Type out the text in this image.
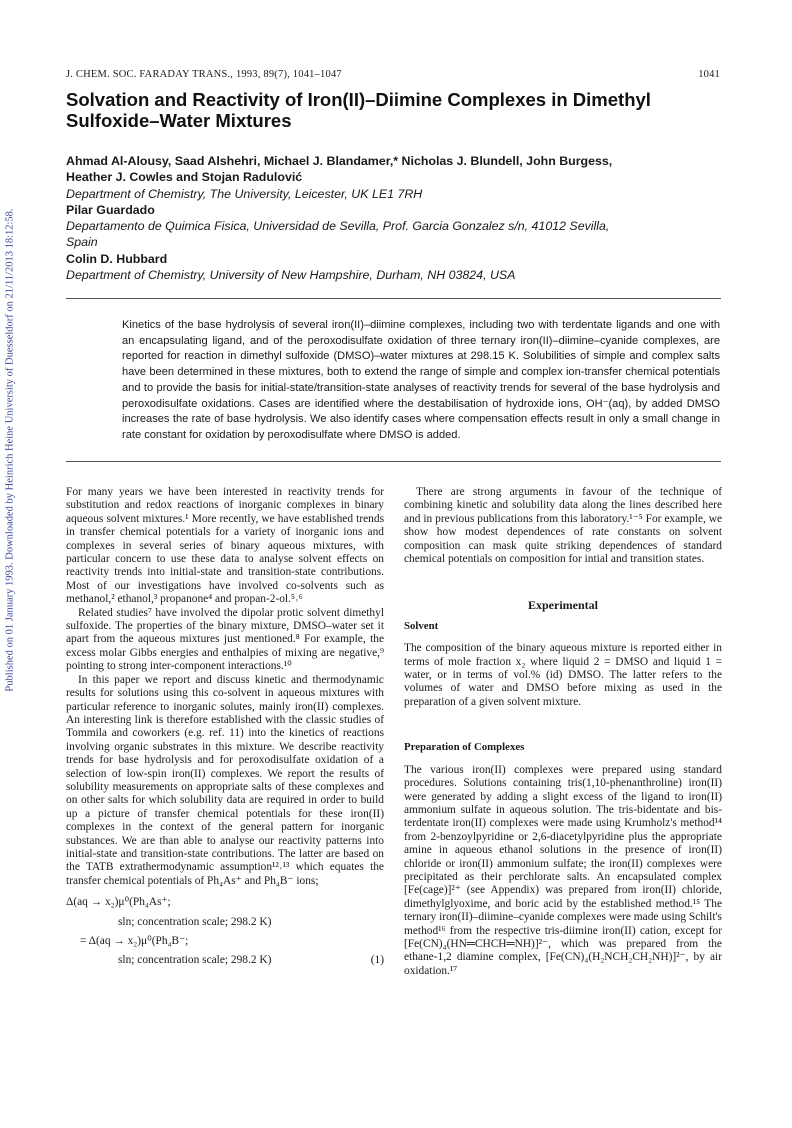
Published on 01 January 1993. Downloaded by Heinrich Heine University of Duesseldorf on 21/11/2013 18:12:58.
J. CHEM. SOC. FARADAY TRANS., 1993, 89(7), 1041–1047	1041
Solvation and Reactivity of Iron(II)–Diimine Complexes in Dimethyl
Sulfoxide–Water Mixtures
Ahmad Al-Alousy, Saad Alshehri, Michael J. Blandamer,* Nicholas J. Blundell, John Burgess,
Heather J. Cowles and Stojan Radulović
Department of Chemistry, The University, Leicester, UK LE1 7RH
Pilar Guardado
Departamento de Quimica Fisica, Universidad de Sevilla, Prof. Garcia Gonzalez s/n, 41012 Sevilla,
Spain
Colin D. Hubbard
Department of Chemistry, University of New Hampshire, Durham, NH 03824, USA
Kinetics of the base hydrolysis of several iron(II)–diimine complexes, including two with terdentate ligands and one with an encapsulating ligand, and of the peroxodisulfate oxidation of three ternary iron(II)–diimine–cyanide complexes, are reported for reaction in dimethyl sulfoxide (DMSO)–water mixtures at 298.15 K. Solubilities of simple and complex salts have been determined in these mixtures, both to extend the range of simple and complex ion-transfer chemical potentials and to provide the basis for initial-state/transition-state analyses of reactivity trends for several of the base hydrolysis and peroxodisulfate oxidations. Cases are identified where the destabilisation of hydroxide ions, OH⁻(aq), by added DMSO increases the rate of base hydrolysis. We also identify cases where compensation effects result in only a small change in rate constant for oxidation by peroxodisulfate where DMSO is added.

For many years we have been interested in reactivity trends for substitution and redox reactions of inorganic complexes in binary aqueous solvent mixtures.¹ More recently, we have established trends in transfer chemical potentials for a variety of inorganic ions and complexes in several series of binary aqueous mixtures, with particular concern to use these data to analyse solvent effects on reactivity trends into initial-state and transition-state contributions. Most of our investigations have involved co-solvents such as methanol,² ethanol,³ propanone⁴ and propan-2-ol.⁵˒⁶

Related studies⁷ have involved the dipolar protic solvent dimethyl sulfoxide. The properties of the binary mixture, DMSO–water set it apart from the aqueous mixtures just mentioned.⁸ For example, the excess molar Gibbs energies and enthalpies of mixing are negative,⁹ pointing to strong inter-component interactions.¹⁰

In this paper we report and discuss kinetic and thermodynamic results for solutions using this co-solvent in aqueous mixtures with particular reference to inorganic solutes, mainly iron(II) complexes. An interesting link is therefore established with the classic studies of Tommila and coworkers (e.g. ref. 11) into the kinetics of reactions involving organic substrates in this mixture. We describe reactivity trends for base hydrolysis and for peroxodisulfate oxidation of a selection of low-spin iron(II) complexes. We report the results of solubility measurements on appropriate salts of these complexes and on other salts for which solubility data are required in order to build up a picture of transfer chemical potentials for these iron(II) complexes in the context of the general pattern for inorganic substances. We are than able to analyse our reactivity patterns into initial-state and transition-state contributions. The latter are based on the TATB extrathermodynamic assumption¹²˒¹³ which equates the transfer chemical potentials of Ph₄As⁺ and Ph₄B⁻ ions;

Δ(aq → x₂)μ⁰(Ph₄As⁺;

sln; concentration scale; 298.2 K)

= Δ(aq → x₂)μ⁰(Ph₄B⁻;

(1)
sln; concentration scale; 298.2 K)

There are strong arguments in favour of the technique of combining kinetic and solubility data along the lines described here and in previous publications from this laboratory.¹⁻⁵ For example, we show how modest dependences of rate constants on solvent composition can mask quite striking dependences of standard chemical potentials on composition for intial and transition states.

Experimental

Solvent

The composition of the binary aqueous mixture is reported either in terms of mole fraction x₂ where liquid 2 = DMSO and liquid 1 = water, or in terms of vol.% (id) DMSO. The latter refers to the volumes of water and DMSO before mixing as used in the preparation of a given solvent mixture.

Preparation of Complexes

The various iron(II) complexes were prepared using standard procedures. Solutions containing tris(1,10-phenanthroline) iron(II) were generated by adding a slight excess of the ligand to iron(II) ammonium sulfate in aqueous solution. The tris-bidentate and bis-terdentate iron(II) complexes were made using Krumholz's method¹⁴ from 2-benzoylpyridine or 2,6-diacetylpyridine plus the appropriate amine in aqueous ethanol solutions in the presence of iron(II) chloride or iron(II) ammonium sulfate; the iron(II) complexes were precipitated as their perchlorate salts. An encapsulated complex [Fe(cage)]²⁺ (see Appendix) was prepared from iron(II) chloride, dimethylglyoxime, and boric acid by the established method.¹⁵ The ternary iron(II)–diimine–cyanide complexes were made using Schilt's method¹⁶ from the respective tris-diimine iron(II) cation, except for [Fe(CN)₄(HN═CHCH═NH)]²⁻, which was prepared from the ethane-1,2 diamine complex, [Fe(CN)₄(H₂NCH₂CH₂NH)]²⁻, by air oxidation.¹⁷
